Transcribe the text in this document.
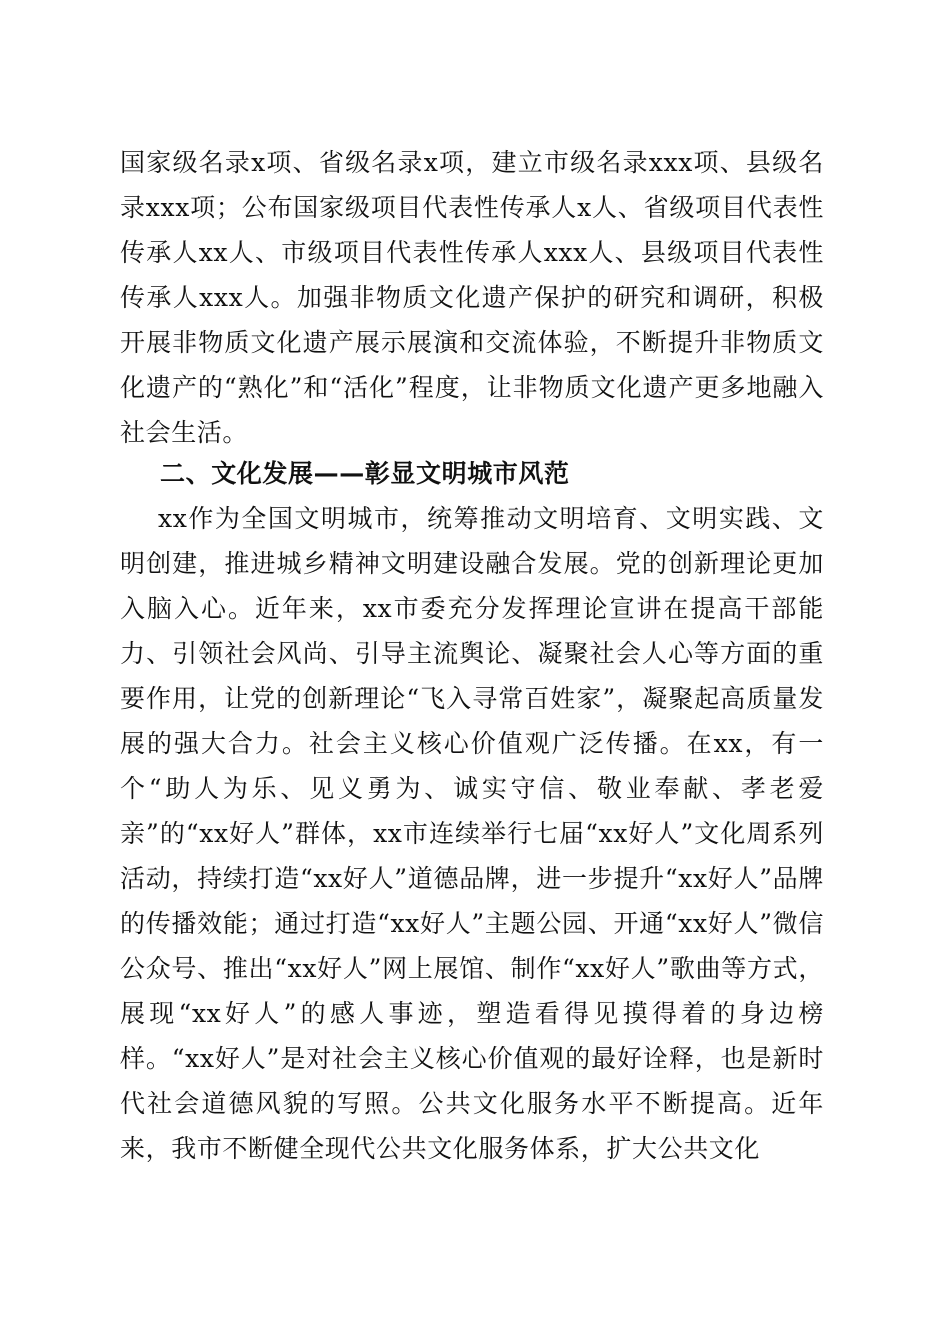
国家级名录x项、省级名录x项，建立市级名录xxx项、县级名录xxx项；公布国家级项目代表性传承人x人、省级项目代表性传承人xx人、市级项目代表性传承人xxx人、县级项目代表性传承人xxx人。加强非物质文化遗产保护的研究和调研，积极开展非物质文化遗产展示展演和交流体验，不断提升非物质文化遗产的“熟化”和“活化”程度，让非物质文化遗产更多地融入社会生活。

二、文化发展——彰显文明城市风范

xx作为全国文明城市，统筹推动文明培育、文明实践、文明创建，推进城乡精神文明建设融合发展。党的创新理论更加入脑入心。近年来，xx市委充分发挥理论宣讲在提高干部能力、引领社会风尚、引导主流舆论、凝聚社会人心等方面的重要作用，让党的创新理论“飞入寻常百姓家”，凝聚起高质量发展的强大合力。社会主义核心价值观广泛传播。在xx，有一个“助人为乐、见义勇为、诚实守信、敬业奉献、孝老爱亲”的“xx好人”群体，xx市连续举行七届“xx好人”文化周系列活动，持续打造“xx好人”道德品牌，进一步提升“xx好人”品牌的传播效能；通过打造“xx好人”主题公园、开通“xx好人”微信公众号、推出“xx好人”网上展馆、制作“xx好人”歌曲等方式，展现“xx好人”的感人事迹，塑造看得见摸得着的身边榜样。“xx好人”是对社会主义核心价值观的最好诠释，也是新时代社会道德风貌的写照。公共文化服务水平不断提高。近年来，我市不断健全现代公共文化服务体系，扩大公共文化
